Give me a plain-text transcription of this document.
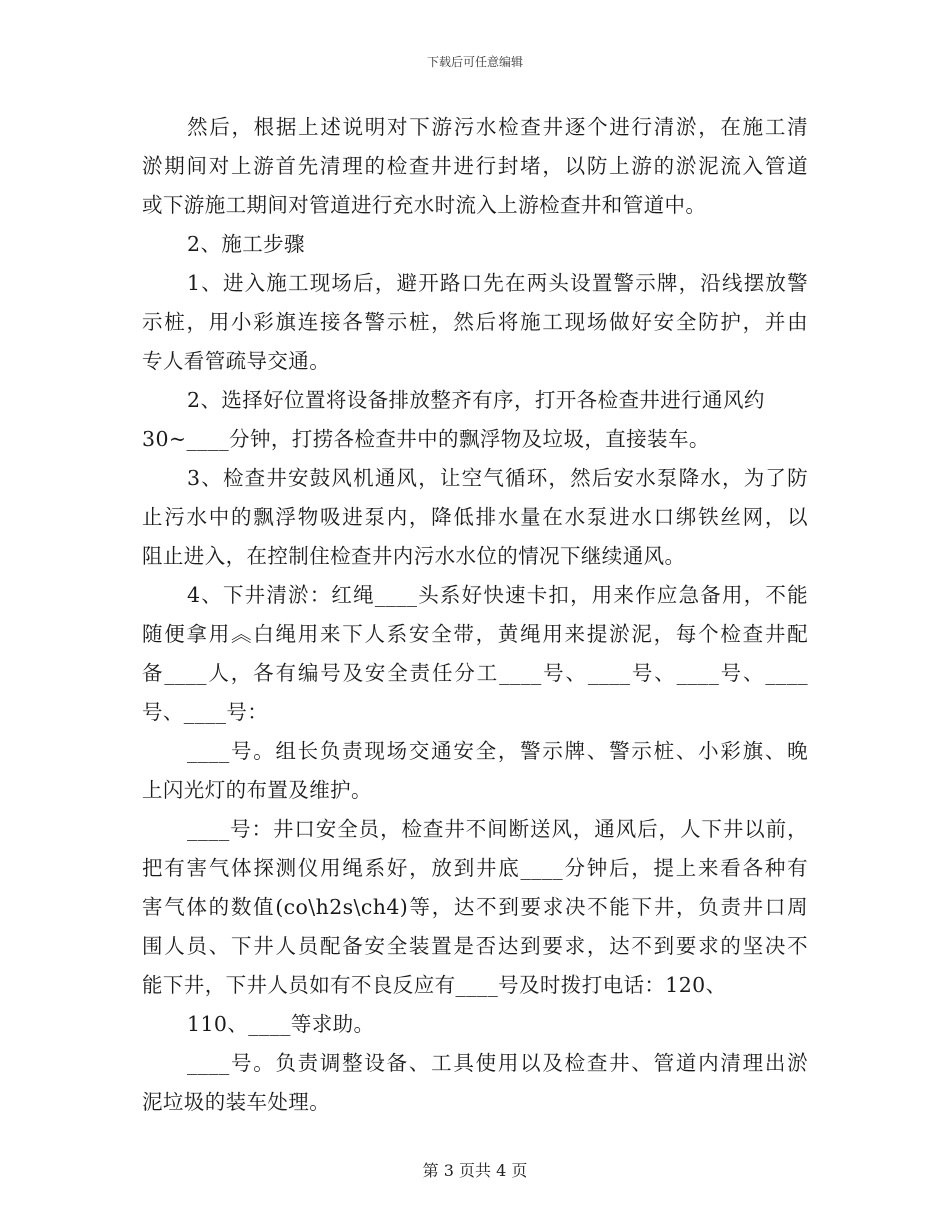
下载后可任意编辑
然后，根据上述说明对下游污水检查井逐个进行清淤，在施工清
淤期间对上游首先清理的检查井进行封堵，以防上游的淤泥流入管道
或下游施工期间对管道进行充水时流入上游检查井和管道中。
2、施工步骤
1、进入施工现场后，避开路口先在两头设置警示牌，沿线摆放警
示桩，用小彩旗连接各警示桩，然后将施工现场做好安全防护，并由
专人看管疏导交通。
2、选择好位置将设备排放整齐有序，打开各检查井进行通风约
30~____分钟，打捞各检查井中的飘浮物及垃圾，直接装车。
3、检查井安鼓风机通风，让空气循环，然后安水泵降水，为了防
止污水中的飘浮物吸进泵内，降低排水量在水泵进水口绑铁丝网，以
阻止进入，在控制住检查井内污水水位的情况下继续通风。
4、下井清淤：红绳____头系好快速卡扣，用来作应急备用，不能
随便拿用︽白绳用来下人系安全带，黄绳用来提淤泥，每个检查井配
备____人，各有编号及安全责任分工____号、____号、____号、____
号、____号：
____号。组长负责现场交通安全，警示牌、警示桩、小彩旗、晚
上闪光灯的布置及维护。
____号：井口安全员，检查井不间断送风，通风后，人下井以前，
把有害气体探测仪用绳系好，放到井底____分钟后，提上来看各种有
害气体的数值(co\h2s\ch4)等，达不到要求决不能下井，负责井口周
围人员、下井人员配备安全装置是否达到要求，达不到要求的坚决不
能下井，下井人员如有不良反应有____号及时拨打电话：120、
110、____等求助。
____号。负责调整设备、工具使用以及检查井、管道内清理出淤
泥垃圾的装车处理。
第 3 页共 4 页
